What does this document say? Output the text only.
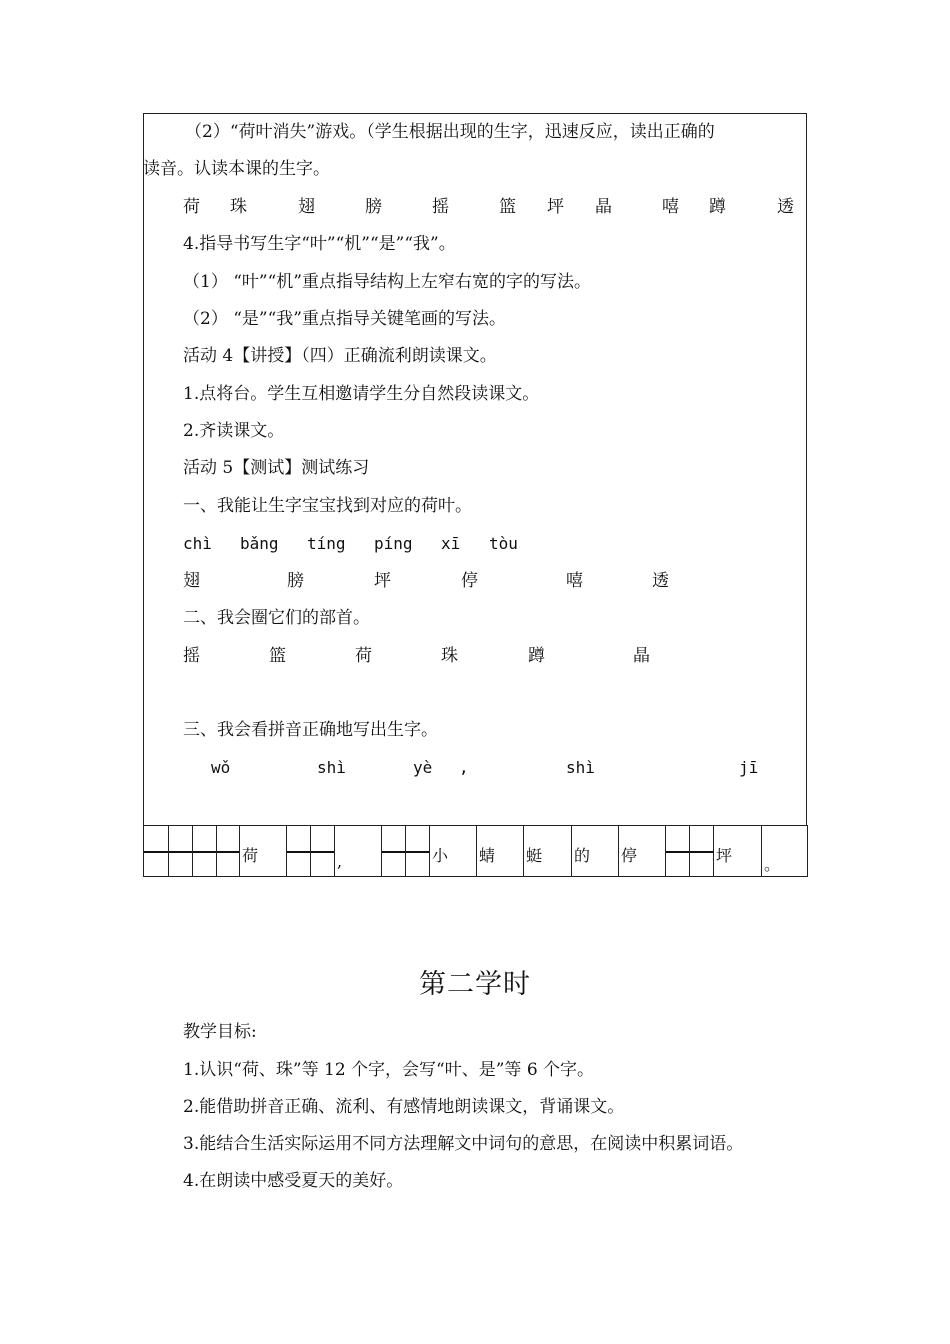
（2）“荷叶消失”游戏。（学生根据出现的生字，迅速反应，读出正确的
读音。认读本课的生字。
荷 珠	翅	膀	摇	篮 坪 晶	嘻 蹲	透
4.指导书写生字“叶”“机”“是”“我”。
（1） “叶”“机”重点指导结构上左窄右宽的字的写法。
（2） “是”“我”重点指导关键笔画的写法。
活动 4【讲授】（四）正确流利朗读课文。
1.点将台。学生互相邀请学生分自然段读课文。
2.齐读课文。
活动 5【测试】测试练习
一、我能让生字宝宝找到对应的荷叶。
chì bǎng tíng píng xī tòu
翅	膀	坪	停	嘻	透
二、我会圈它们的部首。
摇	篮	荷	珠	蹲	晶
三、我会看拼音正确地写出生字。
wǒ	shì	yè ,	shì	jī
荷	,	小 蜻 蜓 的 停	坪 。
第二学时
教学目标:
1.认识“荷、珠”等 12 个字，会写“叶、是”等 6 个字。
2.能借助拼音正确、流利、有感情地朗读课文，背诵课文。
3.能结合生活实际运用不同方法理解文中词句的意思，在阅读中积累词语。
4.在朗读中感受夏天的美好。
